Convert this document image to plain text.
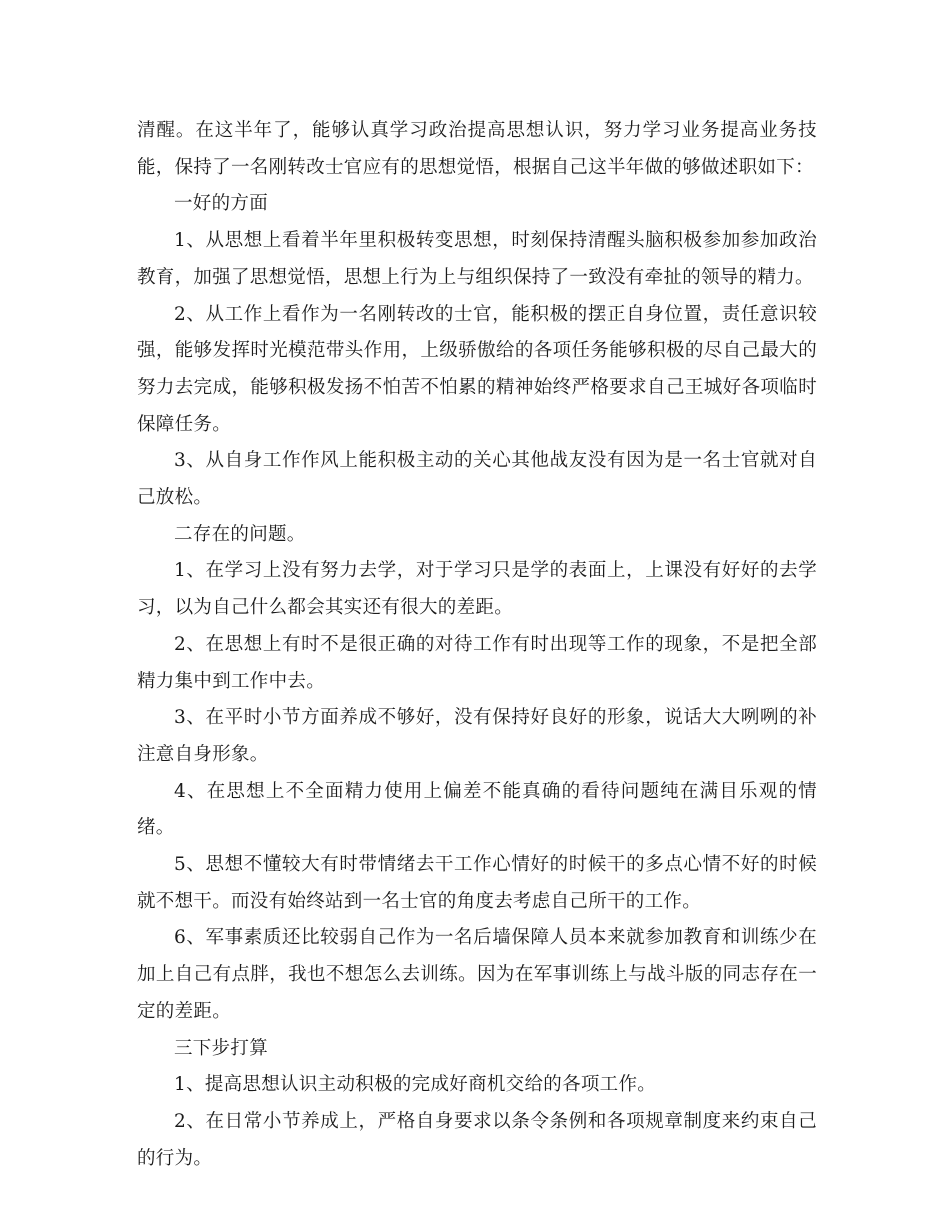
清醒。在这半年了，能够认真学习政治提高思想认识，努力学习业务提高业务技能，保持了一名刚转改士官应有的思想觉悟，根据自己这半年做的够做述职如下：

一好的方面

1、从思想上看着半年里积极转变思想，时刻保持清醒头脑积极参加参加政治教育，加强了思想觉悟，思想上行为上与组织保持了一致没有牵扯的领导的精力。

2、从工作上看作为一名刚转改的士官，能积极的摆正自身位置，责任意识较强，能够发挥时光模范带头作用，上级骄傲给的各项任务能够积极的尽自己最大的努力去完成，能够积极发扬不怕苦不怕累的精神始终严格要求自己王城好各项临时保障任务。

3、从自身工作作风上能积极主动的关心其他战友没有因为是一名士官就对自己放松。

二存在的问题。

1、在学习上没有努力去学，对于学习只是学的表面上，上课没有好好的去学习，以为自己什么都会其实还有很大的差距。

2、在思想上有时不是很正确的对待工作有时出现等工作的现象，不是把全部精力集中到工作中去。

3、在平时小节方面养成不够好，没有保持好良好的形象，说话大大咧咧的补注意自身形象。

4、在思想上不全面精力使用上偏差不能真确的看待问题纯在满目乐观的情绪。

5、思想不懂较大有时带情绪去干工作心情好的时候干的多点心情不好的时候就不想干。而没有始终站到一名士官的角度去考虑自己所干的工作。

6、军事素质还比较弱自己作为一名后墙保障人员本来就参加教育和训练少在加上自己有点胖，我也不想怎么去训练。因为在军事训练上与战斗版的同志存在一定的差距。

三下步打算

1、提高思想认识主动积极的完成好商机交给的各项工作。

2、在日常小节养成上，严格自身要求以条令条例和各项规章制度来约束自己的行为。
